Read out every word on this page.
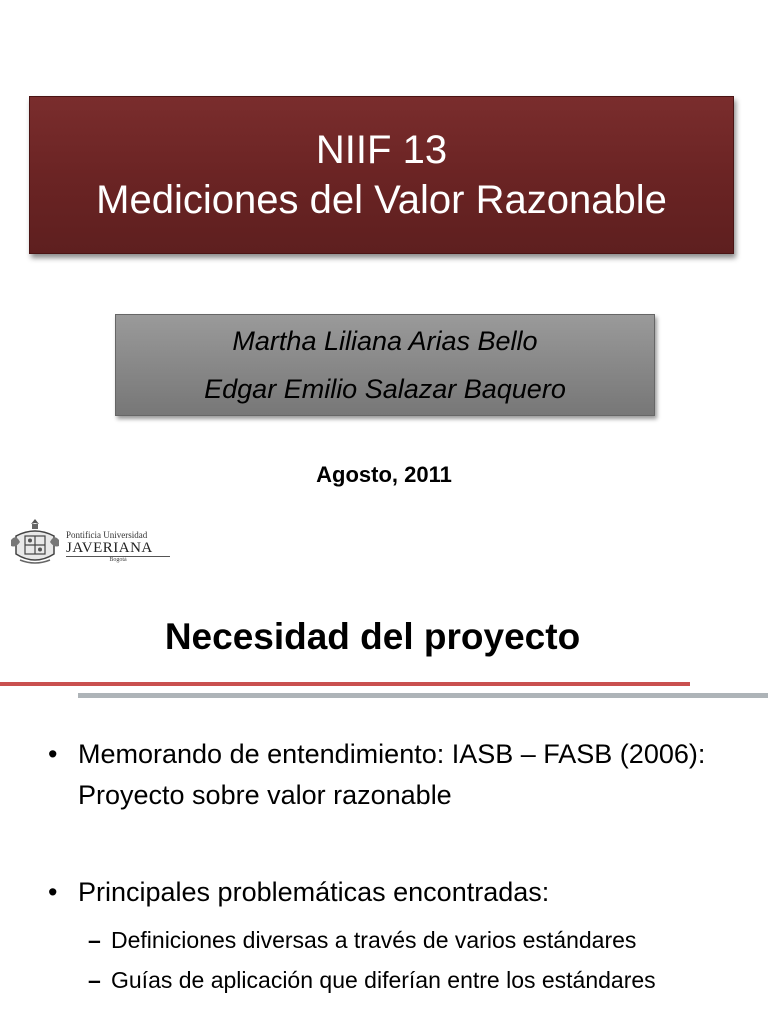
NIIF 13
Mediciones del Valor Razonable
Martha Liliana Arias Bello
Edgar Emilio Salazar Baquero
Agosto, 2011
Pontificia Universidad
JAVERIANA
Bogotá
Necesidad del proyecto
• Memorando de entendimiento: IASB – FASB (2006): Proyecto sobre valor razonable
• Principales problemáticas encontradas:
– Definiciones diversas a través de varios estándares
– Guías de aplicación que diferían entre los estándares
